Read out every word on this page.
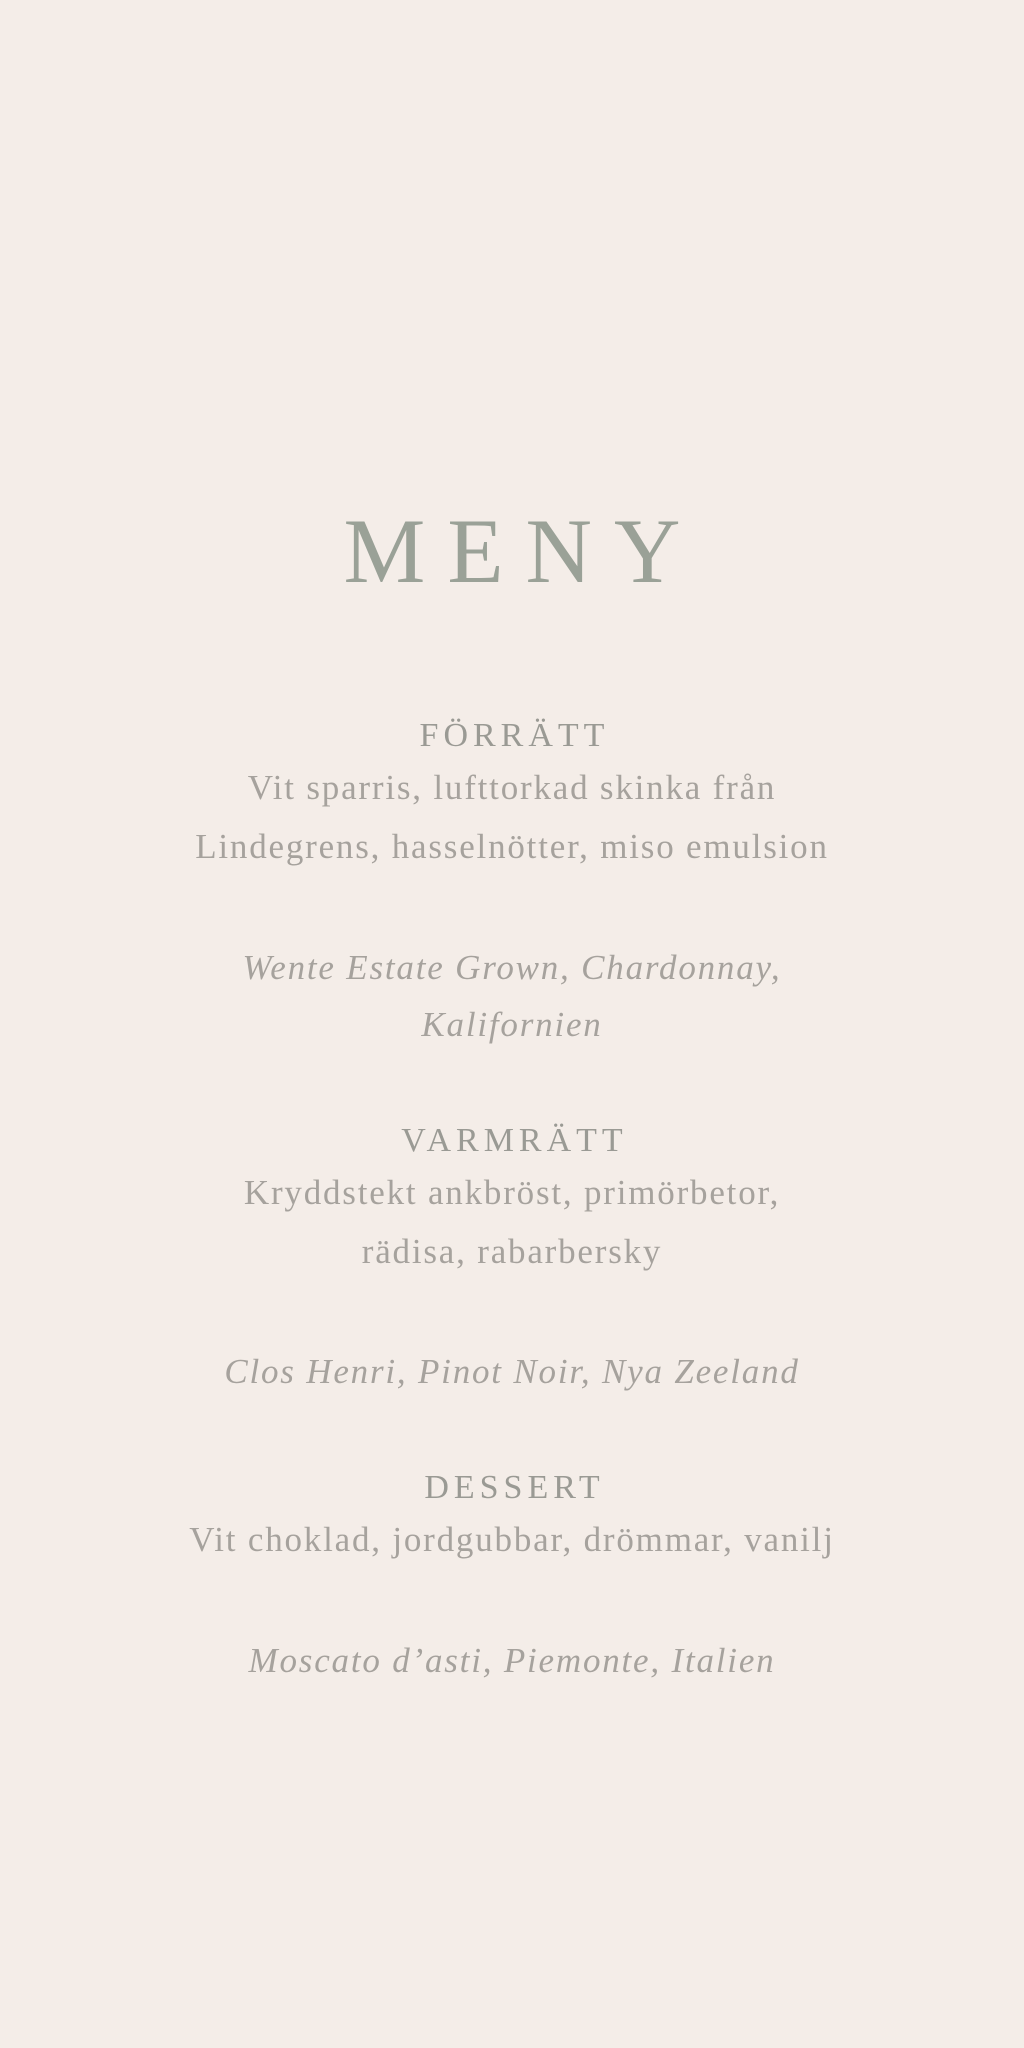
MENY
FÖRRÄTT
Vit sparris, lufttorkad skinka från
Lindegrens, hasselnötter, miso emulsion
Wente Estate Grown, Chardonnay,
Kalifornien
VARMRÄTT
Kryddstekt ankbröst, primörbetor,
rädisa, rabarbersky
Clos Henri, Pinot Noir, Nya Zeeland
DESSERT
Vit choklad, jordgubbar, drömmar, vanilj
Moscato d’asti, Piemonte, Italien
